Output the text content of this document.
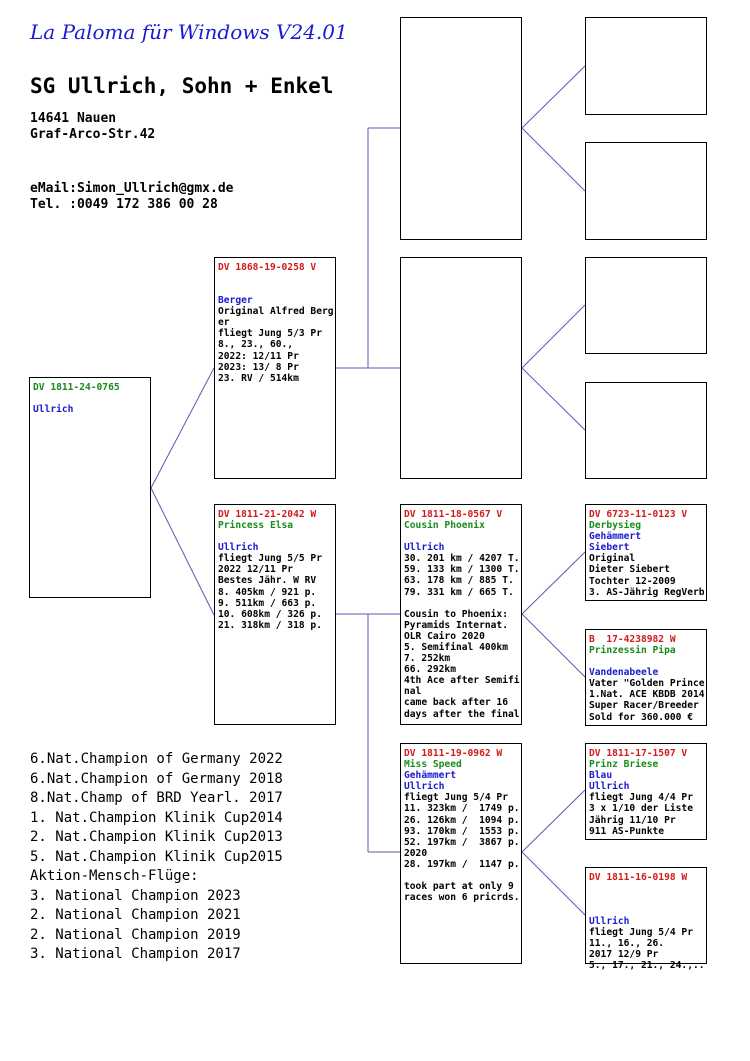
La Paloma für Windows V24.01
SG Ullrich, Sohn + Enkel
14641 Nauen
Graf-Arco-Str.42
eMail:Simon_Ullrich@gmx.de
Tel. :0049 172 386 00 28
DV 1811-24-0765
Ullrich
DV 1868-19-0258 V
Berger
Original Alfred Berg
er
fliegt Jung 5/3 Pr
8., 23., 60.,
2022: 12/11 Pr
2023: 13/ 8 Pr
23. RV / 514km
DV 1811-21-2042 W
Princess Elsa
Ullrich
fliegt Jung 5/5 Pr
2022 12/11 Pr
Bestes Jähr. W RV
8. 405km / 921 p.
9. 511km / 663 p.
10. 608km / 326 p.
21. 318km / 318 p.
DV 1811-18-0567 V
Cousin Phoenix
Ullrich
30. 201 km / 4207 T.
59. 133 km / 1300 T.
63. 178 km / 885 T.
79. 331 km / 665 T.
Cousin to Phoenix:
Pyramids Internat.
OLR Cairo 2020
5. Semifinal 400km
7. 252km
66. 292km
4th Ace after Semifi
nal
came back after 16
days after the final
DV 1811-19-0962 W
Miss Speed
Gehämmert
Ullrich
fliegt Jung 5/4 Pr
11. 323km /  1749 p.
26. 126km /  1094 p.
93. 170km /  1553 p.
52. 197km /  3867 p.
2020
28. 197km /  1147 p.
took part at only 9
races won 6 pricrds.
DV 6723-11-0123 V
Derbysieg
Gehämmert
Siebert
Original
Dieter Siebert
Tochter 12-2009
3. AS-Jährig RegVerb
B  17-4238982 W
Prinzessin Pipa
Vandenabeele
Vater "Golden Prince
1.Nat. ACE KBDB 2014
Super Racer/Breeder
Sold for 360.000 €
DV 1811-17-1507 V
Prinz Briese
Blau
Ullrich
fliegt Jung 4/4 Pr
3 x 1/10 der Liste
Jährig 11/10 Pr
911 AS-Punkte
DV 1811-16-0198 W
Ullrich
fliegt Jung 5/4 Pr
11., 16., 26.
2017 12/9 Pr
5., 17., 21., 24.,..
6.Nat.Champion of Germany 2022
6.Nat.Champion of Germany 2018
8.Nat.Champ of BRD Yearl. 2017
1. Nat.Champion Klinik Cup2014
2. Nat.Champion Klinik Cup2013
5. Nat.Champion Klinik Cup2015
Aktion-Mensch-Flüge:
3. National Champion 2023
2. National Champion 2021
2. National Champion 2019
3. National Champion 2017
